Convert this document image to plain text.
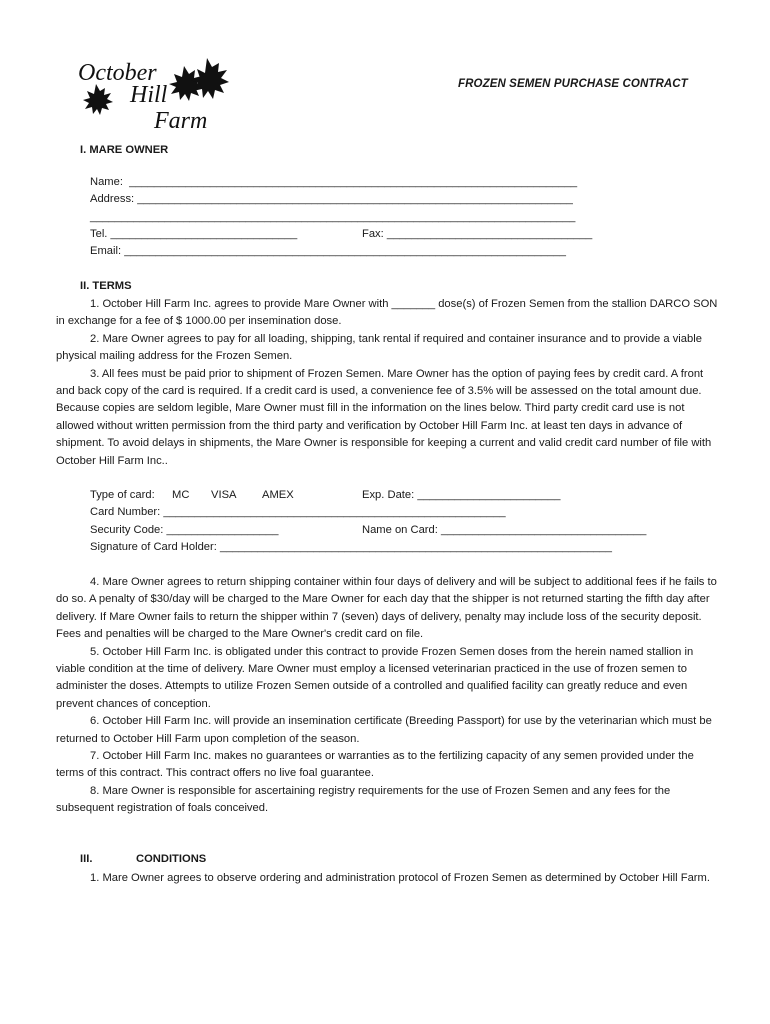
October
Hill
Farm
FROZEN SEMEN PURCHASE CONTRACT
I. MARE OWNER
Name:  ________________________________________________________________________
Address: ______________________________________________________________________
______________________________________________________________________________
Tel. ______________________________	Fax: _________________________________
Email: _______________________________________________________________________
II. TERMS

1. October Hill Farm Inc. agrees to provide Mare Owner with _______ dose(s) of Frozen Semen from the stallion DARCO SON in exchange for a fee of $ 1000.00 per insemination dose.

2. Mare Owner agrees to pay for all loading, shipping, tank rental if required and container insurance and to provide a viable physical mailing address for the Frozen Semen.

3. All fees must be paid prior to shipment of Frozen Semen. Mare Owner has the option of paying fees by credit card. A front and back copy of the card is required. If a credit card is used, a convenience fee of 3.5% will be assessed on the total amount due. Because copies are seldom legible, Mare Owner must fill in the information on the lines below. Third party credit card use is not allowed without written permission from the third party and verification by October Hill Farm Inc. at least ten days in advance of shipment. To avoid delays in shipments, the Mare Owner is responsible for keeping a current and valid credit card number of file with October Hill Farm Inc..

Type of card: MC VISA AMEX	Exp. Date: _______________________
Card Number: _______________________________________________________
Security Code: __________________	Name on Card: _________________________________
Signature of Card Holder: _______________________________________________________________

4. Mare Owner agrees to return shipping container within four days of delivery and will be subject to additional fees if he fails to do so. A penalty of $30/day will be charged to the Mare Owner for each day that the shipper is not returned starting the fifth day after delivery. If Mare Owner fails to return the shipper within 7 (seven) days of delivery, penalty may include loss of the security deposit. Fees and penalties will be charged to the Mare Owner's credit card on file.

5. October Hill Farm Inc. is obligated under this contract to provide Frozen Semen doses from the herein named stallion in viable condition at the time of delivery. Mare Owner must employ a licensed veterinarian practiced in the use of frozen semen to administer the doses. Attempts to utilize Frozen Semen outside of a controlled and qualified facility can greatly reduce and even prevent chances of conception.

6. October Hill Farm Inc. will provide an insemination certificate (Breeding Passport) for use by the veterinarian which must be returned to October Hill Farm upon completion of the season.

7. October Hill Farm Inc. makes no guarantees or warranties as to the fertilizing capacity of any semen provided under the terms of this contract. This contract offers no live foal guarantee.

8. Mare Owner is responsible for ascertaining registry requirements for the use of Frozen Semen and any fees for the subsequent registration of foals conceived.

III.	CONDITIONS

1. Mare Owner agrees to observe ordering and administration protocol of Frozen Semen as determined by October Hill Farm.
